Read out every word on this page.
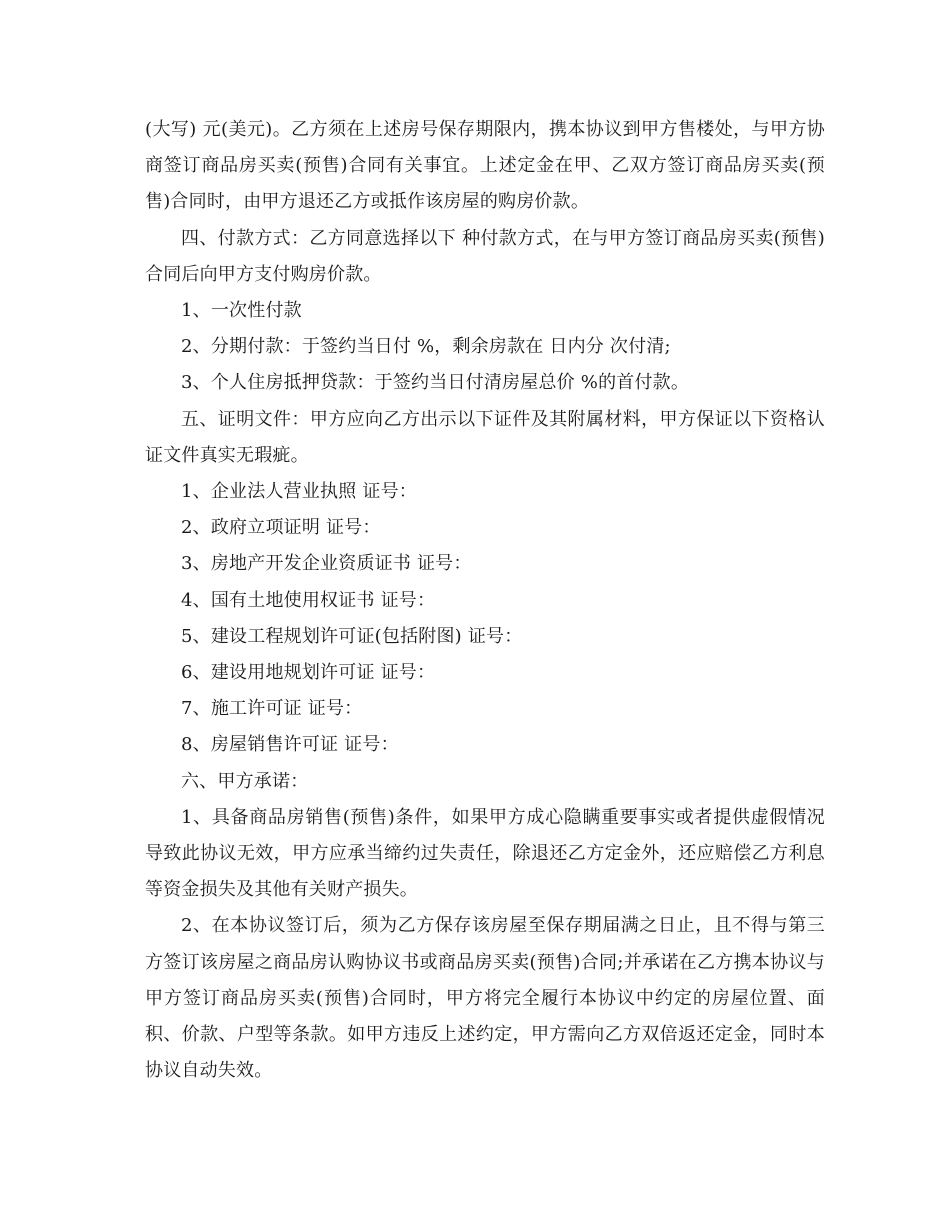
(大写) 元(美元)。乙方须在上述房号保存期限内，携本协议到甲方售楼处，与甲方协商签订商品房买卖(预售)合同有关事宜。上述定金在甲、乙双方签订商品房买卖(预售)合同时，由甲方退还乙方或抵作该房屋的购房价款。

四、付款方式：乙方同意选择以下 种付款方式，在与甲方签订商品房买卖(预售)合同后向甲方支付购房价款。

1、一次性付款

2、分期付款：于签约当日付 %，剩余房款在 日内分 次付清;

3、个人住房抵押贷款：于签约当日付清房屋总价 %的首付款。

五、证明文件：甲方应向乙方出示以下证件及其附属材料，甲方保证以下资格认证文件真实无瑕疵。

1、企业法人营业执照 证号：

2、政府立项证明 证号：

3、房地产开发企业资质证书 证号：

4、国有土地使用权证书 证号：

5、建设工程规划许可证(包括附图) 证号：

6、建设用地规划许可证 证号：

7、施工许可证 证号：

8、房屋销售许可证 证号：

六、甲方承诺：

1、具备商品房销售(预售)条件，如果甲方成心隐瞒重要事实或者提供虚假情况导致此协议无效，甲方应承当缔约过失责任，除退还乙方定金外，还应赔偿乙方利息等资金损失及其他有关财产损失。

2、在本协议签订后，须为乙方保存该房屋至保存期届满之日止，且不得与第三方签订该房屋之商品房认购协议书或商品房买卖(预售)合同;并承诺在乙方携本协议与甲方签订商品房买卖(预售)合同时，甲方将完全履行本协议中约定的房屋位置、面积、价款、户型等条款。如甲方违反上述约定，甲方需向乙方双倍返还定金，同时本协议自动失效。
